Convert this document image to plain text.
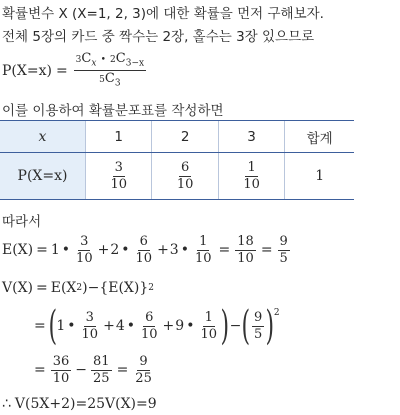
확률변수 X (X=1, 2, 3)에 대한 확률을 먼저 구해보자.
전체 5장의 카드 중 짝수는 2장, 홀수는 3장 있으므로
$P(X=x) = \frac{3C_x • 2C_{3-x}}{5C_3}$
이를 이용하여 확률분포표를 작성하면
x	1	2	3	합계
P(X=x)	$\frac{3}{10}$	$\frac{6}{10}$	$\frac{1}{10}$	1
따라서
E(X) = 1 • $\frac{3}{10} + 2$ • $\frac{6}{10} + 3$ • $\frac{1}{10} = \frac{18}{10} = \frac{9}{5}$
V(X) = E(X 2 )−{E(X)} 2
= ( 1 • $\frac{3}{10} + 4$ • $\frac{6}{10} + 9$ • $\frac{1}{10}$ ) − ( $\frac{9}{5}$ ) 2
= $\frac{36}{10} - \frac{81}{25} = \frac{9}{25}$
∴ V(5X+2)=25V(X)=9
